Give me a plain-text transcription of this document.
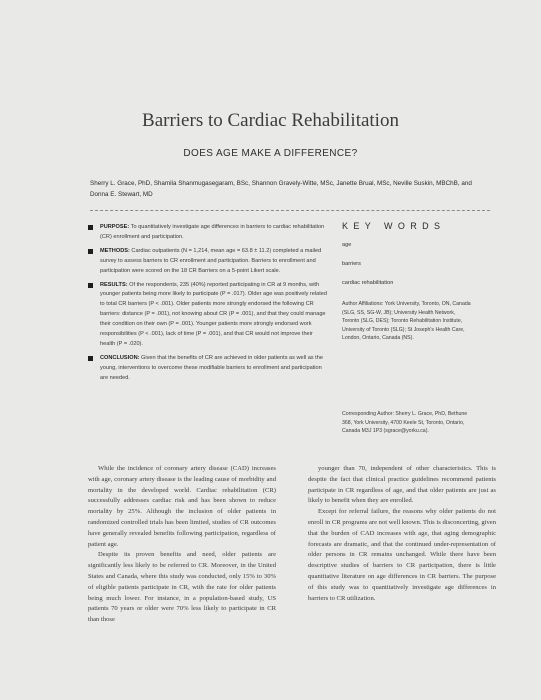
Barriers to Cardiac Rehabilitation
DOES AGE MAKE A DIFFERENCE?
Sherry L. Grace, PhD, Shamila Shanmugasegaram, BSc, Shannon Gravely-Witte, MSc, Janette Brual, MSc, Neville Suskin, MBChB, and Donna E. Stewart, MD
PURPOSE: To quantitatively investigate age differences in barriers to cardiac rehabilitation (CR) enrollment and participation.
METHODS: Cardiac outpatients (N = 1,214, mean age = 63.8 ± 11.2) completed a mailed survey to assess barriers to CR enrollment and participation. Barriers to enrollment and participation were scored on the 18 CR Barriers on a 5-point Likert scale.
RESULTS: Of the respondents, 235 (40%) reported participating in CR at 9 months, with younger patients being more likely to participate (P = .017). Older age was positively related to total CR barriers (P < .001). Older patients more strongly endorsed the following CR barriers: distance (P = .001), not knowing about CR (P = .001), and that they could manage their condition on their own (P = .001). Younger patients more strongly endorsed work responsibilities (P < .001), lack of time (P = .001), and that CR would not improve their health (P = .020).
CONCLUSION: Given that the benefits of CR are achieved in older patients as well as the young, interventions to overcome these modifiable barriers to enrollment and participation are needed.
KEY WORDS
age
barriers
cardiac rehabilitation
Author Affiliations: York University, Toronto, ON, Canada (SLG, SS, SG-W, JB); University Health Network, Toronto (SLG, DES); Toronto Rehabilitation Institute, University of Toronto (SLG); St Joseph's Health Care, London, Ontario, Canada (NS).
Corresponding Author: Sherry L. Grace, PhD, Bethune 368, York University, 4700 Keele St, Toronto, Ontario, Canada M3J 1P3 (sgrace@yorku.ca).

While the incidence of coronary artery disease (CAD) increases with age, coronary artery disease is the leading cause of morbidity and mortality in the developed world. Cardiac rehabilitation (CR) successfully addresses cardiac risk and has been shown to reduce mortality by 25%. Although the inclusion of older patients in randomized controlled trials has been limited, studies of CR outcomes have generally revealed benefits following participation, regardless of patient age.

Despite its proven benefits and need, older patients are significantly less likely to be referred to CR. Moreover, in the United States and Canada, where this study was conducted, only 15% to 30% of eligible patients participate in CR, with the rate for older patients being much lower. For instance, in a population-based study, US patients 70 years or older were 70% less likely to participate in CR than those

younger than 70, independent of other characteristics. This is despite the fact that clinical practice guidelines recommend patients participate in CR regardless of age, and that older patients are just as likely to benefit when they are enrolled.

Except for referral failure, the reasons why older patients do not enroll in CR programs are not well known. This is disconcerting, given that the burden of CAD increases with age, that aging demographic forecasts are dramatic, and that the continued under-representation of older persons in CR remains unchanged. While there have been descriptive studies of barriers to CR participation, there is little quantitative literature on age differences in CR barriers. The purpose of this study was to quantitatively investigate age differences in barriers to CR utilization.
